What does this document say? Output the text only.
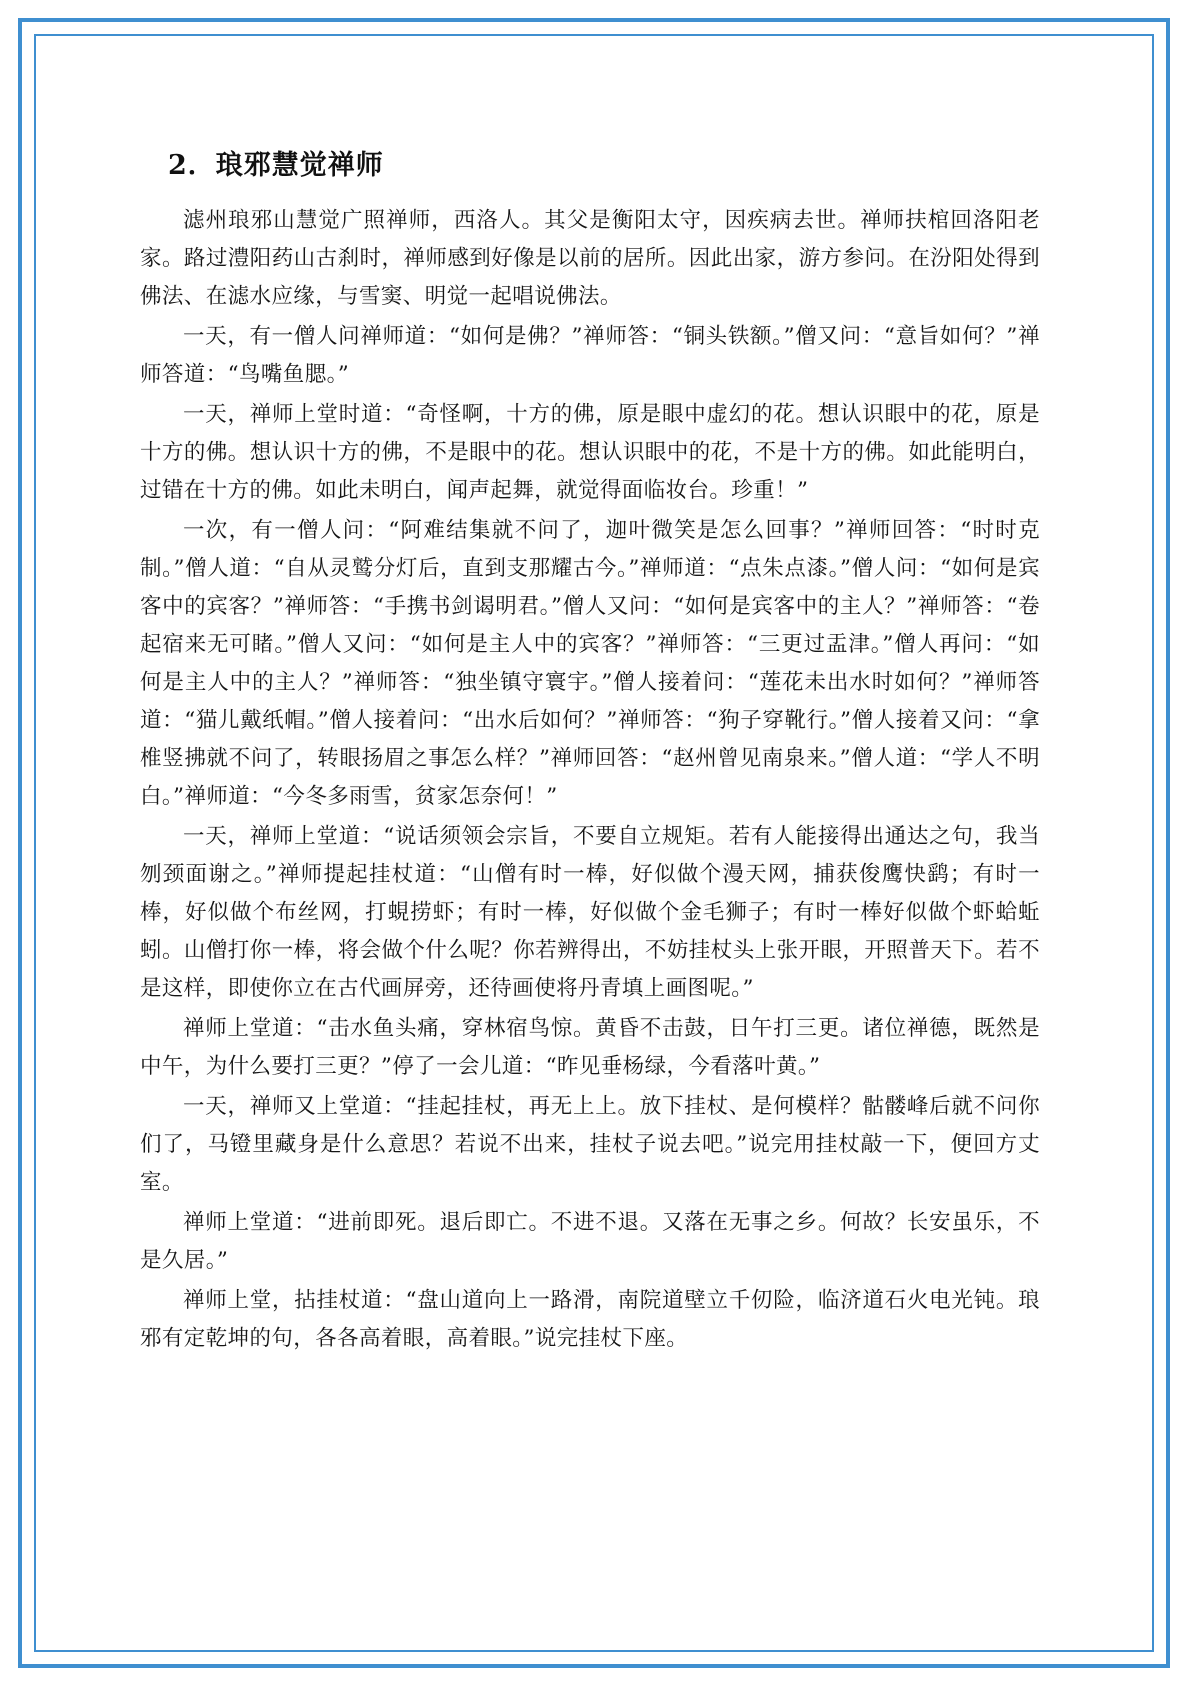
2．琅邪慧觉禅师

滤州琅邪山慧觉广照禅师，西洛人。其父是衡阳太守，因疾病去世。禅师扶棺回洛阳老家。路过澧阳药山古刹时，禅师感到好像是以前的居所。因此出家，游方参问。在汾阳处得到佛法、在滤水应缘，与雪窦、明觉一起唱说佛法。

一天，有一僧人问禅师道：“如何是佛？”禅师答：“铜头铁额。”僧又问：“意旨如何？”禅师答道：“鸟嘴鱼腮。”

一天，禅师上堂时道：“奇怪啊，十方的佛，原是眼中虚幻的花。想认识眼中的花，原是十方的佛。想认识十方的佛，不是眼中的花。想认识眼中的花，不是十方的佛。如此能明白，过错在十方的佛。如此未明白，闻声起舞，就觉得面临妆台。珍重！”

一次，有一僧人问：“阿难结集就不问了，迦叶微笑是怎么回事？”禅师回答：“时时克制。”僧人道：“自从灵鹫分灯后，直到支那耀古今。”禅师道：“点朱点漆。”僧人问：“如何是宾客中的宾客？”禅师答：“手携书剑谒明君。”僧人又问：“如何是宾客中的主人？”禅师答：“卷起宿来无可睹。”僧人又问：“如何是主人中的宾客？”禅师答：“三更过盂津。”僧人再问：“如何是主人中的主人？”禅师答：“独坐镇守寰宇。”僧人接着问：“莲花未出水时如何？”禅师答道：“猫儿戴纸帽。”僧人接着问：“出水后如何？”禅师答：“狗子穿靴行。”僧人接着又问：“拿椎竖拂就不问了，转眼扬眉之事怎么样？”禅师回答：“赵州曾见南泉来。”僧人道：“学人不明白。”禅师道：“今冬多雨雪，贫家怎奈何！”

一天，禅师上堂道：“说话须领会宗旨，不要自立规矩。若有人能接得出通达之句，我当刎颈面谢之。”禅师提起挂杖道：“山僧有时一棒，好似做个漫天网，捕获俊鹰快鹞；有时一棒，好似做个布丝网，打蜆捞虾；有时一棒，好似做个金毛狮子；有时一棒好似做个虾蛤蚯蚓。山僧打你一棒，将会做个什么呢？你若辨得出，不妨挂杖头上张开眼，开照普天下。若不是这样，即使你立在古代画屏旁，还待画使将丹青填上画图呢。”

禅师上堂道：“击水鱼头痛，穿林宿鸟惊。黄昏不击鼓，日午打三更。诸位禅德，既然是中午，为什么要打三更？”停了一会儿道：“昨见垂杨绿，今看落叶黄。”

一天，禅师又上堂道：“挂起挂杖，再无上上。放下挂杖、是何模样？骷髅峰后就不问你们了，马镫里藏身是什么意思？若说不出来，挂杖子说去吧。”说完用挂杖敲一下，便回方丈室。

禅师上堂道：“进前即死。退后即亡。不进不退。又落在无事之乡。何故？长安虽乐，不是久居。”

禅师上堂，拈挂杖道：“盘山道向上一路滑，南院道壁立千仞险，临济道石火电光钝。琅邪有定乾坤的句，各各高着眼，高着眼。”说完挂杖下座。
